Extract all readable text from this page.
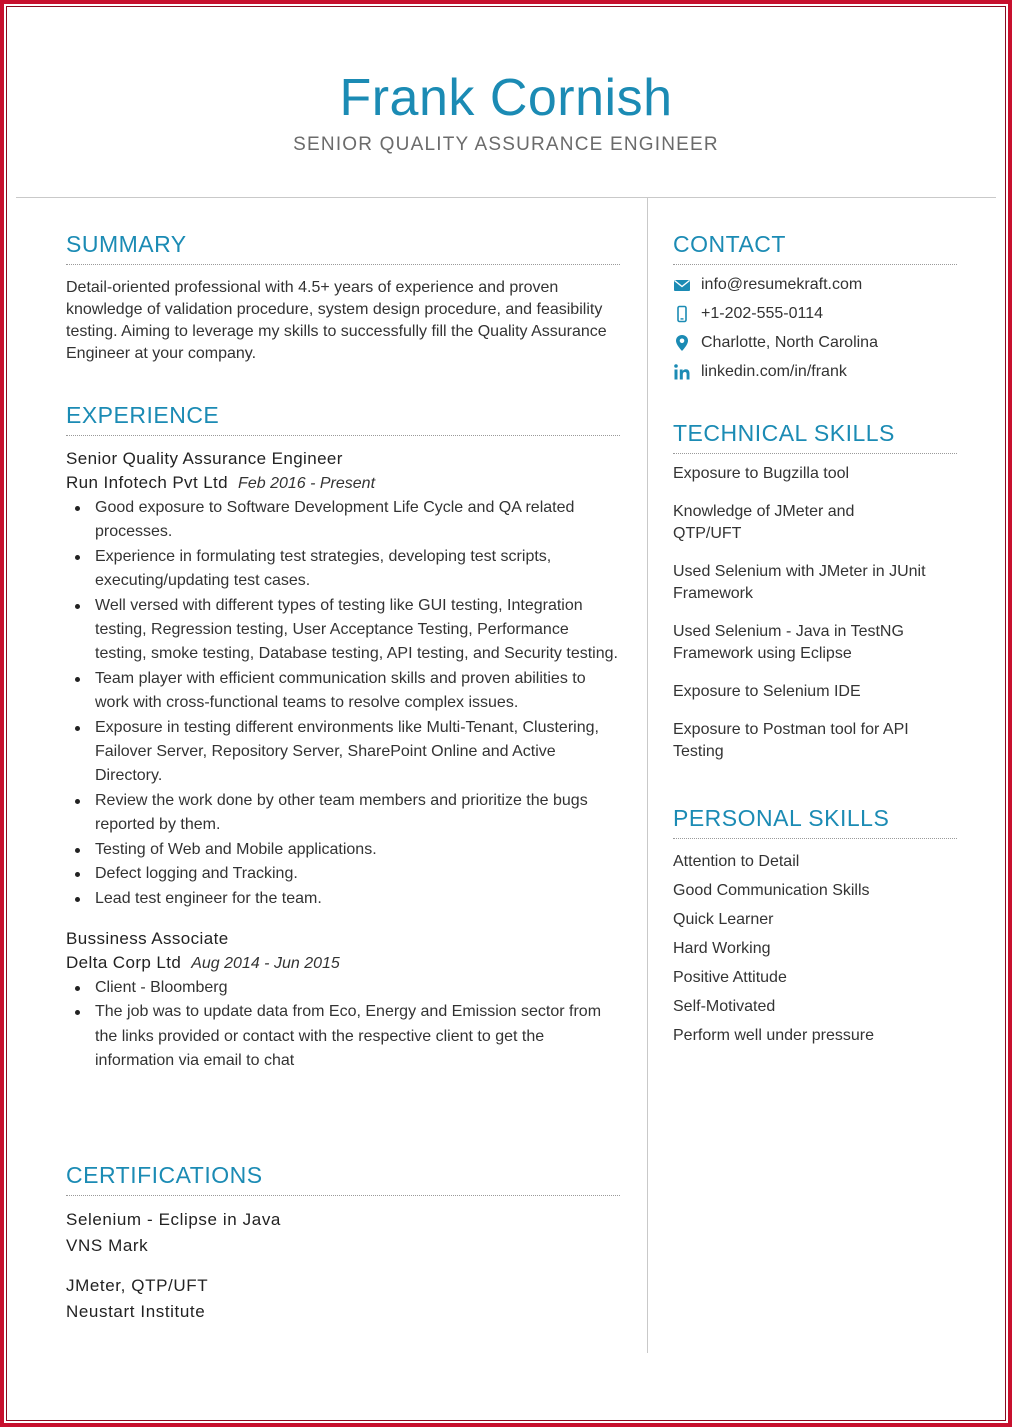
Frank Cornish
SENIOR QUALITY ASSURANCE ENGINEER
SUMMARY
Detail-oriented professional with 4.5+ years of experience and proven knowledge of validation procedure, system design procedure, and feasibility testing. Aiming to leverage my skills to successfully fill the Quality Assurance Engineer at your company.
EXPERIENCE
Senior Quality Assurance Engineer
Run Infotech Pvt Ltd Feb 2016 - Present
Good exposure to Software Development Life Cycle and QA related processes.
Experience in formulating test strategies, developing test scripts, executing/updating test cases.
Well versed with different types of testing like GUI testing, Integration testing, Regression testing, User Acceptance Testing, Performance testing, smoke testing, Database testing, API testing, and Security testing.
Team player with efficient communication skills and proven abilities to work with cross-functional teams to resolve complex issues.
Exposure in testing different environments like Multi-Tenant, Clustering, Failover Server, Repository Server, SharePoint Online and Active Directory.
Review the work done by other team members and prioritize the bugs reported by them.
Testing of Web and Mobile applications.
Defect logging and Tracking.
Lead test engineer for the team.
Bussiness Associate
Delta Corp Ltd Aug 2014 - Jun 2015
Client - Bloomberg
The job was to update data from Eco, Energy and Emission sector from the links provided or contact with the respective client to get the information via email to chat
CERTIFICATIONS
Selenium - Eclipse in Java
VNS Mark
JMeter, QTP/UFT
Neustart Institute
CONTACT
info@resumekraft.com
+1-202-555-0114
Charlotte, North Carolina
linkedin.com/in/frank
TECHNICAL SKILLS
Exposure to Bugzilla tool
Knowledge of JMeter and QTP/UFT
Used Selenium with JMeter in JUnit Framework
Used Selenium - Java in TestNG Framework using Eclipse
Exposure to Selenium IDE
Exposure to Postman tool for API Testing
PERSONAL SKILLS
Attention to Detail
Good Communication Skills
Quick Learner
Hard Working
Positive Attitude
Self-Motivated
Perform well under pressure
